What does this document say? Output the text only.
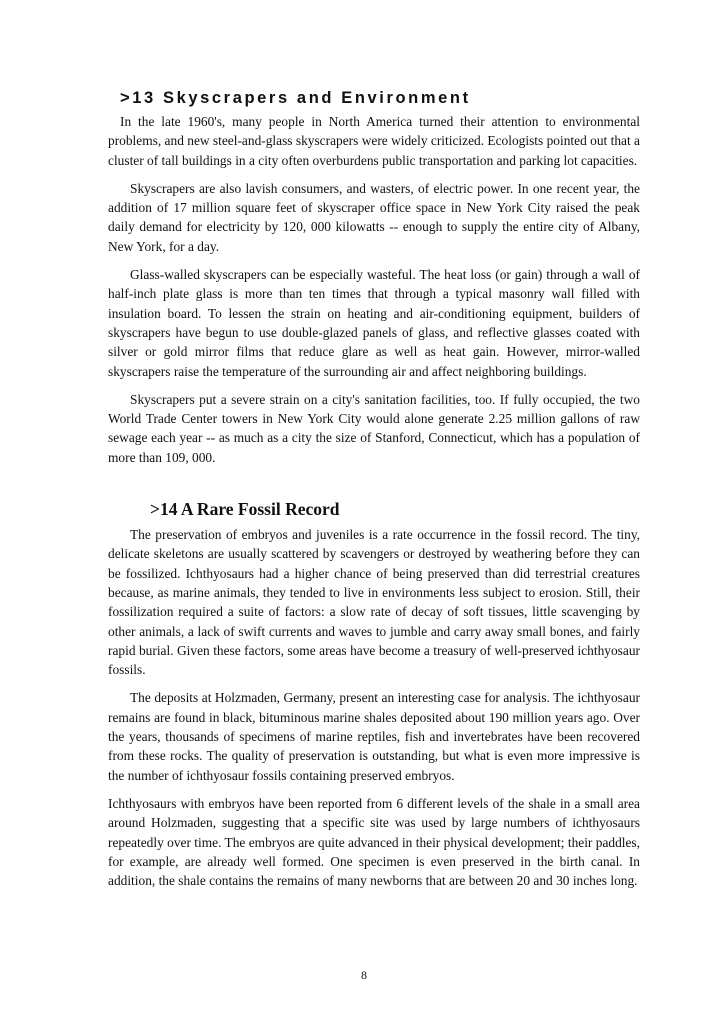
>13 Skyscrapers and Environment

In the late 1960's, many people in North America turned their attention to environmental problems, and new steel-and-glass skyscrapers were widely criticized. Ecologists pointed out that a cluster of tall buildings in a city often overburdens public transportation and parking lot capacities.

Skyscrapers are also lavish consumers, and wasters, of electric power. In one recent year, the addition of 17 million square feet of skyscraper office space in New York City raised the peak daily demand for electricity by 120, 000 kilowatts -- enough to supply the entire city of Albany, New York, for a day.

Glass-walled skyscrapers can be especially wasteful. The heat loss (or gain) through a wall of half-inch plate glass is more than ten times that through a typical masonry wall filled with insulation board. To lessen the strain on heating and air-conditioning equipment, builders of skyscrapers have begun to use double-glazed panels of glass, and reflective glasses coated with silver or gold mirror films that reduce glare as well as heat gain. However, mirror-walled skyscrapers raise the temperature of the surrounding air and affect neighboring buildings.

Skyscrapers put a severe strain on a city's sanitation facilities, too. If fully occupied, the two World Trade Center towers in New York City would alone generate 2.25 million gallons of raw sewage each year -- as much as a city the size of Stanford, Connecticut, which has a population of more than 109, 000.

>14 A Rare Fossil Record

The preservation of embryos and juveniles is a rate occurrence in the fossil record. The tiny, delicate skeletons are usually scattered by scavengers or destroyed by weathering before they can be fossilized. Ichthyosaurs had a higher chance of being preserved than did terrestrial creatures because, as marine animals, they tended to live in environments less subject to erosion. Still, their fossilization required a suite of factors: a slow rate of decay of soft tissues, little scavenging by other animals, a lack of swift currents and waves to jumble and carry away small bones, and fairly rapid burial. Given these factors, some areas have become a treasury of well-preserved ichthyosaur fossils.

The deposits at Holzmaden, Germany, present an interesting case for analysis. The ichthyosaur remains are found in black, bituminous marine shales deposited about 190 million years ago. Over the years, thousands of specimens of marine reptiles, fish and invertebrates have been recovered from these rocks. The quality of preservation is outstanding, but what is even more impressive is the number of ichthyosaur fossils containing preserved embryos.

Ichthyosaurs with embryos have been reported from 6 different levels of the shale in a small area around Holzmaden, suggesting that a specific site was used by large numbers of ichthyosaurs repeatedly over time. The embryos are quite advanced in their physical development; their paddles, for example, are already well formed. One specimen is even preserved in the birth canal. In addition, the shale contains the remains of many newborns that are between 20 and 30 inches long.

8
